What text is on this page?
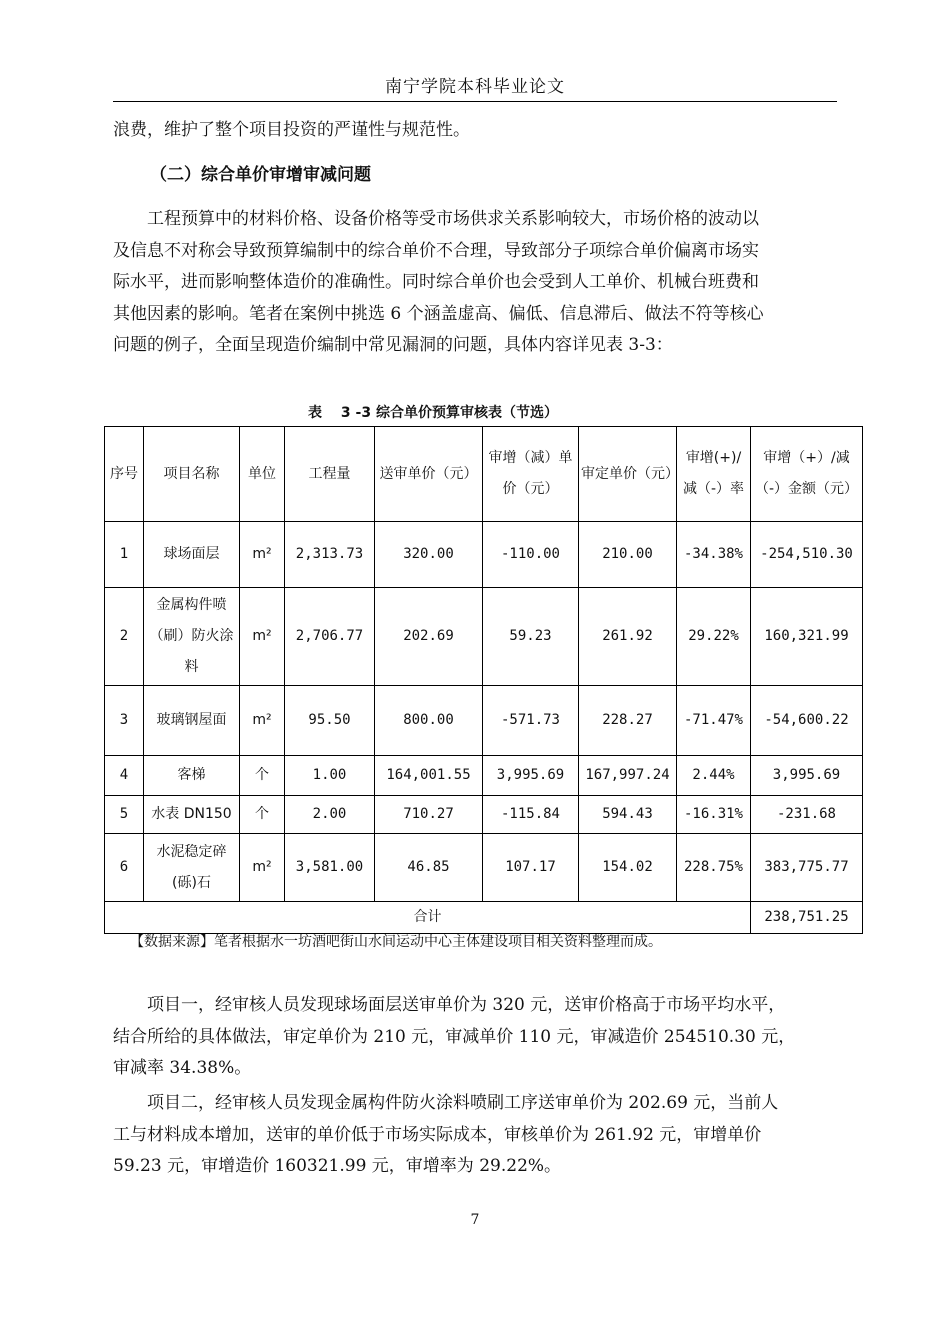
南宁学院本科毕业论文

浪费，维护了整个项目投资的严谨性与规范性。

（二）综合单价审增审减问题
工程预算中的材料价格、设备价格等受市场供求关系影响较大，市场价格的波动以
及信息不对称会导致预算编制中的综合单价不合理，导致部分子项综合单价偏离市场实
际水平，进而影响整体造价的准确性。同时综合单价也会受到人工单价、机械台班费和
其他因素的影响。笔者在案例中挑选 6 个涵盖虚高、偏低、信息滞后、做法不符等核心
问题的例子，全面呈现造价编制中常见漏洞的问题，具体内容详见表 3-3：
表　 3 -3 综合单价预算审核表（节选）
序号	项目名称	单位	工程量	送审单价（元）	审增（减）单价（元）	审定单价（元）	审增(+)/减（-）率	审增（+）/减（-）金额（元）
1	球场面层	m²	2,313.73	320.00	-110.00	210.00	-34.38%	-254,510.30
2	金属构件喷（刷）防火涂料	m²	2,706.77	202.69	59.23	261.92	29.22%	160,321.99
3	玻璃钢屋面	m²	95.50	800.00	-571.73	228.27	-71.47%	-54,600.22
4	客梯	个	1.00	164,001.55	3,995.69	167,997.24	2.44%	3,995.69
5	水表 DN150	个	2.00	710.27	-115.84	594.43	-16.31%	-231.68
6	水泥稳定碎(砾)石	m²	3,581.00	46.85	107.17	154.02	228.75%	383,775.77
合计								238,751.25
【数据来源】笔者根据水一坊酒吧街山水间运动中心主体建设项目相关资料整理而成。
项目一，经审核人员发现球场面层送审单价为 320 元，送审价格高于市场平均水平，
结合所给的具体做法，审定单价为 210 元，审减单价 110 元，审减造价 254510.30 元，
审减率 34.38%。
项目二，经审核人员发现金属构件防火涂料喷刷工序送审单价为 202.69 元，当前人
工与材料成本增加，送审的单价低于市场实际成本，审核单价为 261.92 元，审增单价
59.23 元，审增造价 160321.99 元，审增率为 29.22%。
7
